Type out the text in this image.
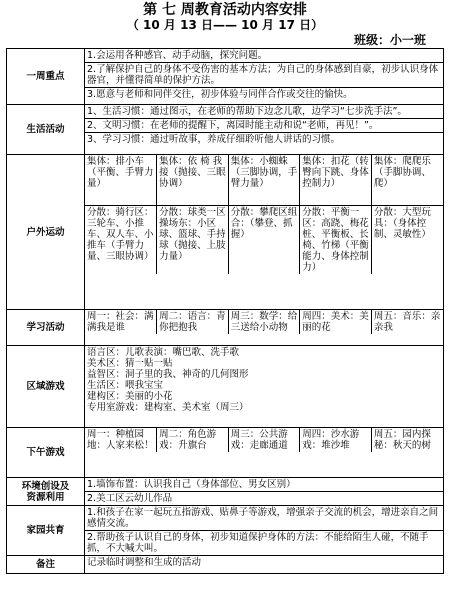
第 七 周教育活动内容安排
（ 10 月 13 日—— 10 月 17 日）
班级：小一班
一周重点	
1.会运用各种感官、动手动脑，探究问题。
2.了解保护自己的身体不受伤害的基本方法；为自己的身体感到自豪，初步认识身体器官，并懂得简单的保护方法。
3.愿意与老师和同伴交往，初步体验与同伴合作或交往的愉快。

生活活动	
1、生活习惯：通过图示，在老师的帮助下边念儿歌，边学习“七步洗手法”。
2、文明习惯：在老师的提醒下，离园时能主动和说“老师，再见！”。
3、学习习惯：通过听故事，养成仔细聆听他人讲话的习惯。

户外运动	
集体：排小车（平衡、手臂力量）	集体：依 椅 我 接（抛接、三眼协调）	集体：小蜘蛛（三脚协调，手臂力量）	集体：扣花（转臀向下跳、身体控制力）	集体：爬爬乐（手脚协调、爬）
分散：骑行区：三轮车、小推车、双人车、小推车（手臂力量、三眼协调）	分散：球类一区操场东：小区球、篮球、手持球（抛接、上肢力量）	分散：攀爬区组合：（攀登、抓握）	分散：平衡一区：高跷、梅花桩、平衡板、长椅、竹梯（平衡能力、身体控制力）	分散：大型玩具：（身体控制、灵敏性）

学习活动	
周一：社会：满满我是谁	周二：语言：青你把抱我	周三：数学：给三送给小动物	周四：美术：美丽的花	周五：音乐：亲亲我

区域游戏	
语言区：儿歌表演：嘴巴歌、洗手歌
美术区：猜一贴一贴
益智区：洞子里的我、神奇的几何图形
生活区：喂我宝宝
建构区：美丽的小花
专用室游戏：建构室、美术室（周三）

下午游戏	
周一：种植园地：人家来松！	周二：角色游戏：升旗台	周三：公共游戏：走廊通道	周四：沙水游戏：堆沙堆	周五：园内探秘：秋天的树

环境创设及
资源利用

1.墙饰布置：认识我自己（身体部位、男女区别）
2.美工区云幼儿作品

家园共育	
1.和孩子在家一起玩五指游戏、贴鼻子等游戏，增强亲子交流的机会，增进亲自之间感情交流。
2.帮助孩子认识自己的身体，初步知道保护身体的方法：不能给陌生人碰，不随手抓，不大喊大叫。

备注	记录临时调整和生成的活动
